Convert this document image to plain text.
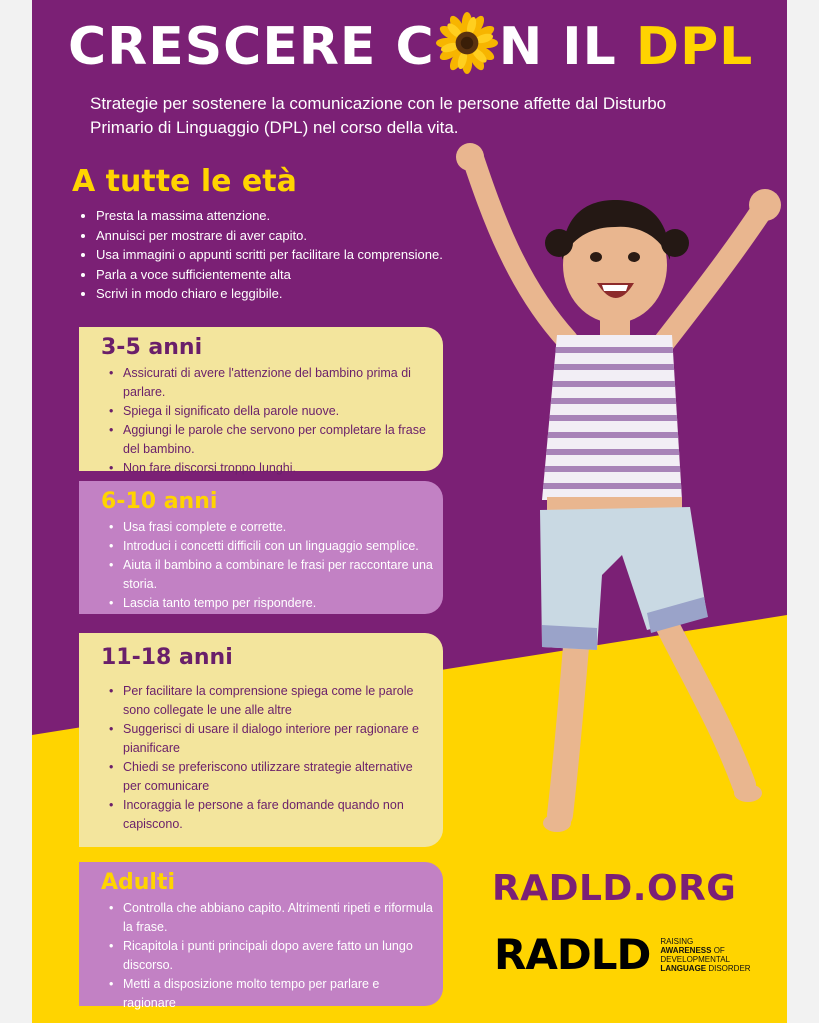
CRESCERE C N IL DPL

Strategie per sostenere la comunicazione con le persone affette dal Disturbo Primario di Linguaggio (DPL) nel corso della vita.

A tutte le età
• Presta la massima attenzione.
• Annuisci per mostrare di aver capito.
• Usa immagini o appunti scritti per facilitare la comprensione.
• Parla a voce sufficientemente alta
• Scrivi in modo chiaro e leggibile.
3-5 anni
• Assicurati di avere l'attenzione del bambino prima di parlare.
• Spiega il significato della parole nuove.
• Aggiungi le parole che servono per completare la frase del bambino.
• Non fare discorsi troppo lunghi.
6-10 anni
• Usa frasi complete e corrette.
• Introduci i concetti difficili con un linguaggio semplice.
• Aiuta il bambino a combinare le frasi per raccontare una storia.
• Lascia tanto tempo per rispondere.
11-18 anni
• Per facilitare la comprensione spiega come le parole sono collegate le une alle altre
• Suggerisci di usare il dialogo interiore per ragionare e pianificare
• Chiedi se preferiscono utilizzare strategie alternative per comunicare
• Incoraggia le persone a fare domande quando non capiscono.
Adulti
• Controlla che abbiano capito. Altrimenti ripeti e riformula la frase.
• Ricapitola i punti principali dopo avere fatto un lungo discorso.
• Metti a disposizione molto tempo per parlare e ragionare
RADLD.ORG
RADLD RAISING
AWARENESS OF
DEVELOPMENTAL
LANGUAGE DISORDER
